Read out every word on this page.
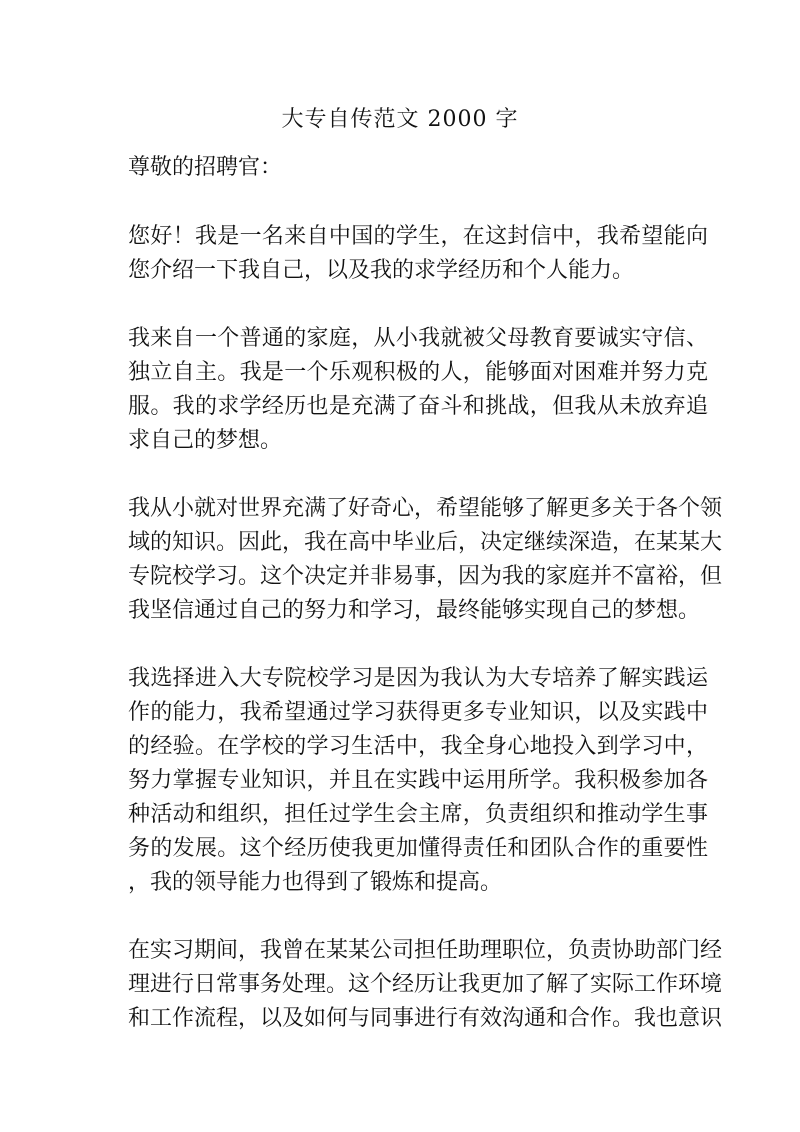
大专自传范文 2000 字
尊敬的招聘官：

您好！我是一名来自中国的学生，在这封信中，我希望能向
您介绍一下我自己，以及我的求学经历和个人能力。

我来自一个普通的家庭，从小我就被父母教育要诚实守信、
独立自主。我是一个乐观积极的人，能够面对困难并努力克
服。我的求学经历也是充满了奋斗和挑战，但我从未放弃追
求自己的梦想。

我从小就对世界充满了好奇心，希望能够了解更多关于各个领
域的知识。因此，我在高中毕业后，决定继续深造，在某某大
专院校学习。这个决定并非易事，因为我的家庭并不富裕，但
我坚信通过自己的努力和学习，最终能够实现自己的梦想。

我选择进入大专院校学习是因为我认为大专培养了解实践运
作的能力，我希望通过学习获得更多专业知识，以及实践中
的经验。在学校的学习生活中，我全身心地投入到学习中，
努力掌握专业知识，并且在实践中运用所学。我积极参加各
种活动和组织，担任过学生会主席，负责组织和推动学生事
务的发展。这个经历使我更加懂得责任和团队合作的重要性
，我的领导能力也得到了锻炼和提高。

在实习期间，我曾在某某公司担任助理职位，负责协助部门经
理进行日常事务处理。这个经历让我更加了解了实际工作环境
和工作流程，以及如何与同事进行有效沟通和合作。我也意识
